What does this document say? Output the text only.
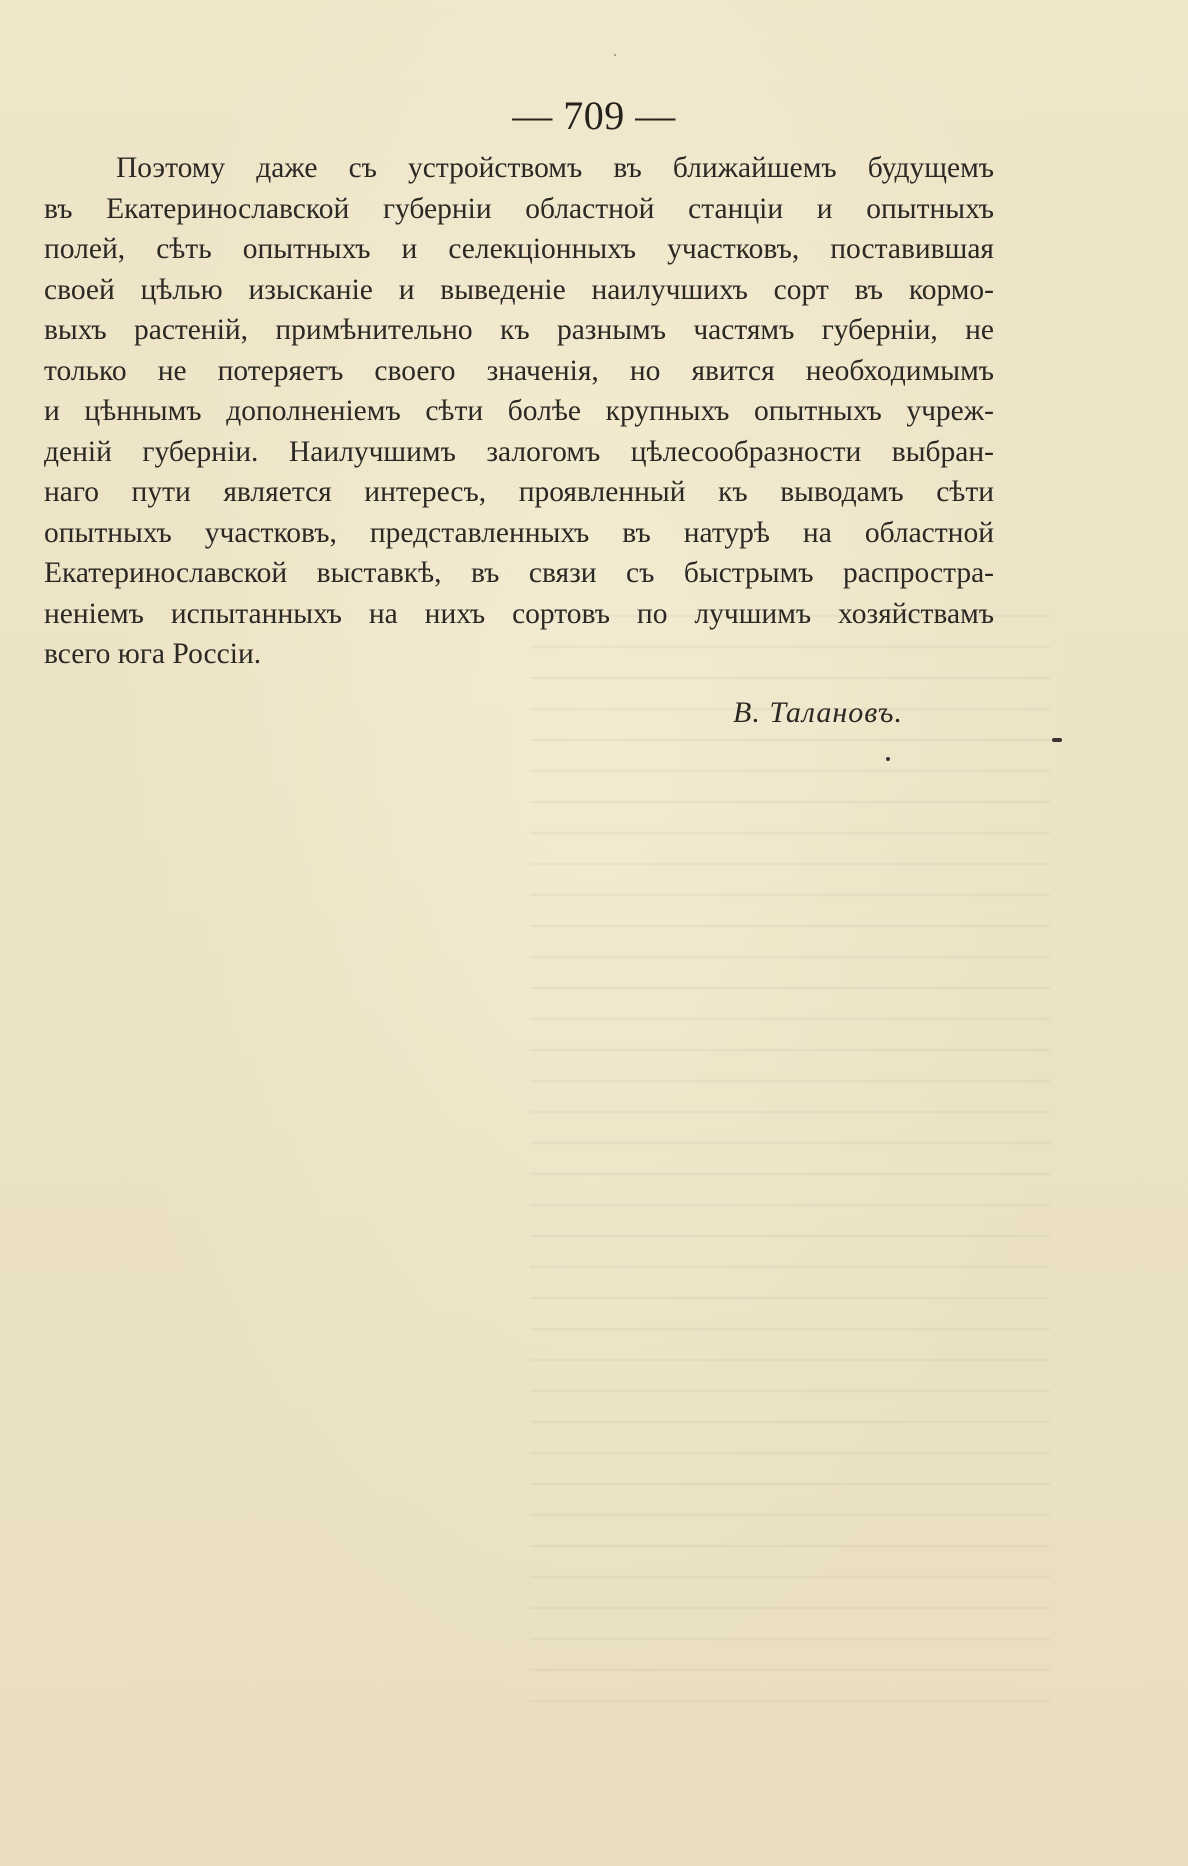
— 709 —
Поэтому даже съ устройствомъ въ ближайшемъ будущемъ
въ Екатеринославской губерніи областной станціи и опытныхъ
полей, сѣть опытныхъ и селекціонныхъ участковъ, поставившая
своей цѣлью изысканіе и выведеніе наилучшихъ сорт въ кормо-
выхъ растеній, примѣнительно къ разнымъ частямъ губерніи, не
только не потеряетъ своего значенія, но явится необходимымъ
и цѣннымъ дополненіемъ сѣти болѣе крупныхъ опытныхъ учреж-
деній губерніи. Наилучшимъ залогомъ цѣлесообразности выбран-
наго пути является интересъ, проявленный къ выводамъ сѣти
опытныхъ участковъ, представленныхъ въ натурѣ на областной
Екатеринославской выставкѣ, въ связи съ быстрымъ распростра-
неніемъ испытанныхъ на нихъ сортовъ по лучшимъ хозяйствамъ
всего юга Россіи.
В. Талановъ.
